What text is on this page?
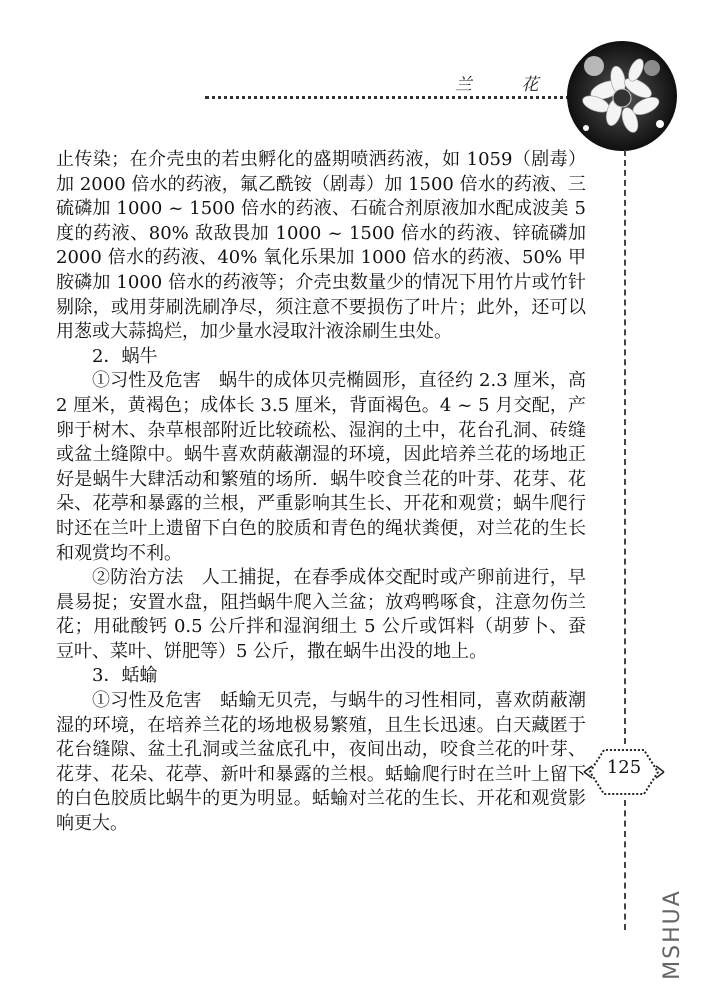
兰 花
125

止传染；在介壳虫的若虫孵化的盛期喷洒药液，如 1059（剧毒）加 2000 倍水的药液，氟乙酰铵（剧毒）加 1500 倍水的药液、三硫磷加 1000 ~ 1500 倍水的药液、石硫合剂原液加水配成波美 5 度的药液、80% 敌敌畏加 1000 ~ 1500 倍水的药液、锌硫磷加 2000 倍水的药液、40% 氧化乐果加 1000 倍水的药液、50% 甲胺磷加 1000 倍水的药液等；介壳虫数量少的情况下用竹片或竹针剔除，或用芽刷洗刷净尽，须注意不要损伤了叶片；此外，还可以用葱或大蒜捣烂，加少量水浸取汁液涂刷生虫处。

2．蜗牛

①习性及危害　蜗牛的成体贝壳椭圆形，直径约 2.3 厘米，高 2 厘米，黄褐色；成体长 3.5 厘米，背面褐色。4 ~ 5 月交配，产卵于树木、杂草根部附近比较疏松、湿润的土中，花台孔洞、砖缝或盆土缝隙中。蜗牛喜欢荫蔽潮湿的环境，因此培养兰花的场地正好是蜗牛大肆活动和繁殖的场所．蜗牛咬食兰花的叶芽、花芽、花朵、花葶和暴露的兰根，严重影响其生长、开花和观赏；蜗牛爬行时还在兰叶上遗留下白色的胶质和青色的绳状粪便，对兰花的生长和观赏均不利。

②防治方法　人工捕捉，在春季成体交配时或产卵前进行，早晨易捉；安置水盘，阻挡蜗牛爬入兰盆；放鸡鸭啄食，注意勿伤兰花；用砒酸钙 0.5 公斤拌和湿润细土 5 公斤或饵料（胡萝卜、蚕豆叶、菜叶、饼肥等）5 公斤，撒在蜗牛出没的地上。

3．蛞蝓

①习性及危害　蛞蝓无贝壳，与蜗牛的习性相同，喜欢荫蔽潮湿的环境，在培养兰花的场地极易繁殖，且生长迅速。白天藏匿于花台缝隙、盆土孔洞或兰盆底孔中，夜间出动，咬食兰花的叶芽、花芽、花朵、花葶、新叶和暴露的兰根。蛞蝓爬行时在兰叶上留下的白色胶质比蜗牛的更为明显。蛞蝓对兰花的生长、开花和观赏影响更大。

MSHUA
